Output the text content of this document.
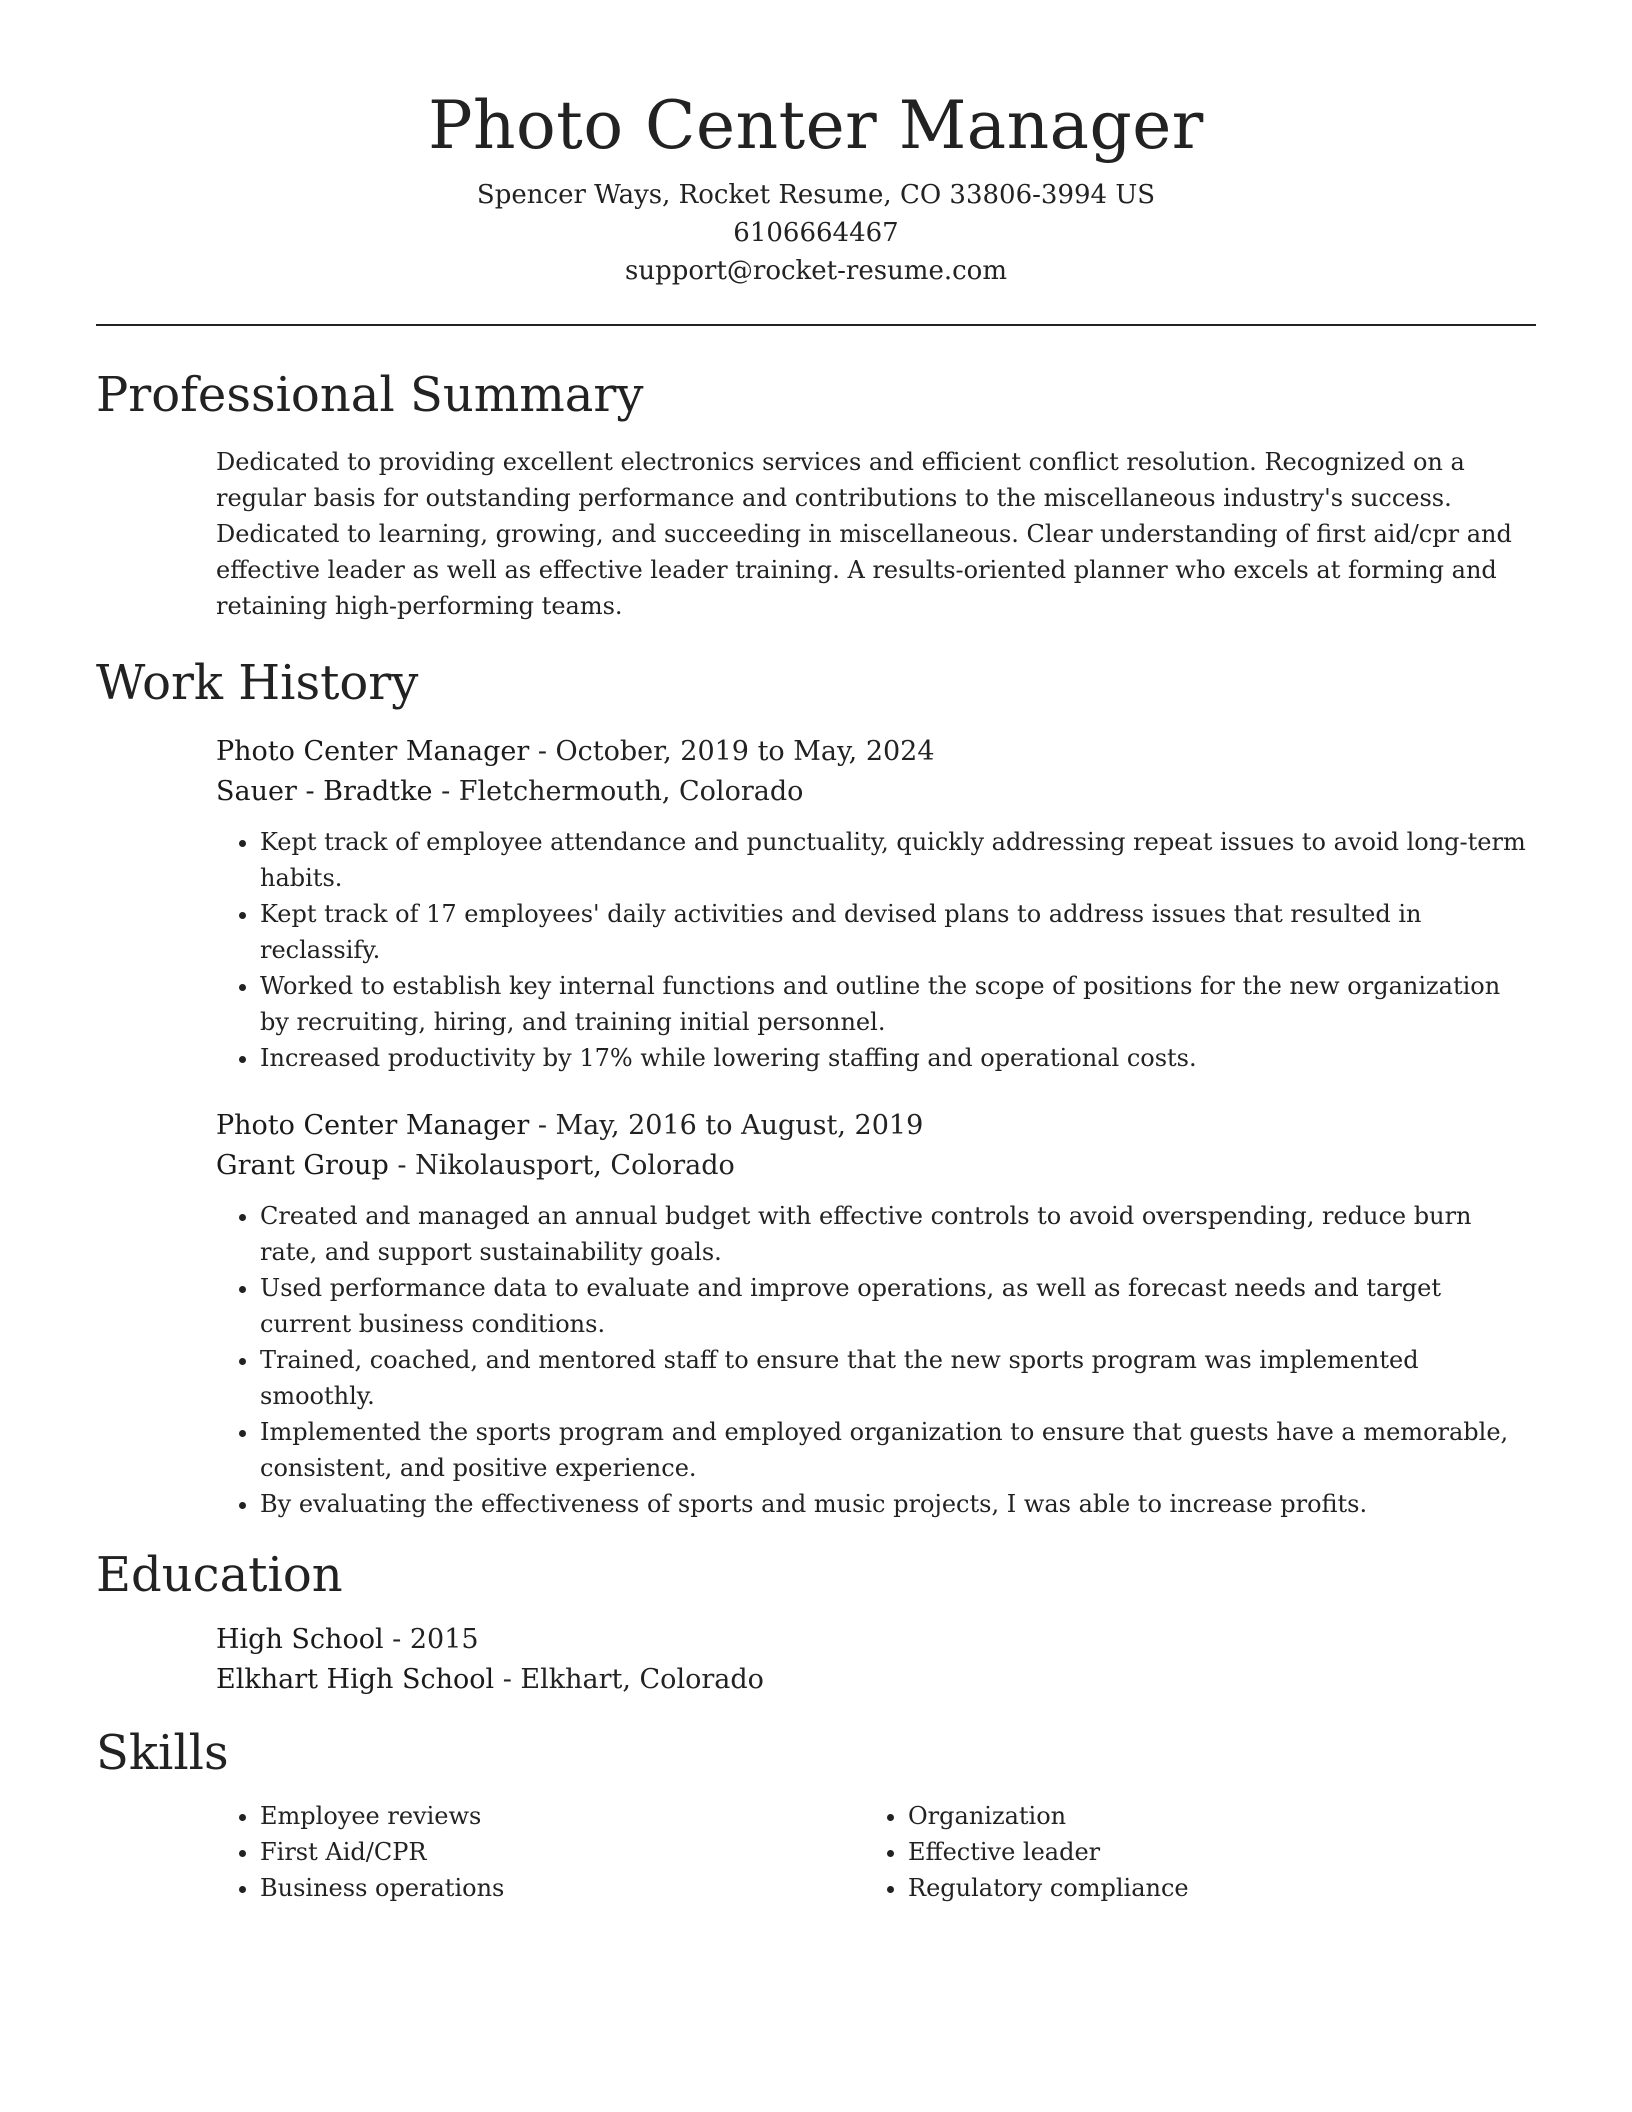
Photo Center Manager
Spencer Ways, Rocket Resume, CO 33806-3994 US
6106664467
support@rocket-resume.com
Professional Summary
Dedicated to providing excellent electronics services and efficient conflict resolution. Recognized on a regular basis for outstanding performance and contributions to the miscellaneous industry's success. Dedicated to learning, growing, and succeeding in miscellaneous. Clear understanding of first aid/cpr and effective leader as well as effective leader training. A results-oriented planner who excels at forming and retaining high-performing teams.
Work History
Photo Center Manager - October, 2019 to May, 2024
Sauer - Bradtke - Fletchermouth, Colorado
• Kept track of employee attendance and punctuality, quickly addressing repeat issues to avoid long-term habits.
• Kept track of 17 employees' daily activities and devised plans to address issues that resulted in reclassify.
• Worked to establish key internal functions and outline the scope of positions for the new organization by recruiting, hiring, and training initial personnel.
• Increased productivity by 17% while lowering staffing and operational costs.
Photo Center Manager - May, 2016 to August, 2019
Grant Group - Nikolausport, Colorado
• Created and managed an annual budget with effective controls to avoid overspending, reduce burn rate, and support sustainability goals.
• Used performance data to evaluate and improve operations, as well as forecast needs and target current business conditions.
• Trained, coached, and mentored staff to ensure that the new sports program was implemented smoothly.
• Implemented the sports program and employed organization to ensure that guests have a memorable, consistent, and positive experience.
• By evaluating the effectiveness of sports and music projects, I was able to increase profits.
Education
High School - 2015
Elkhart High School - Elkhart, Colorado
Skills
• Employee reviews
• First Aid/CPR
• Business operations
• Organization
• Effective leader
• Regulatory compliance
